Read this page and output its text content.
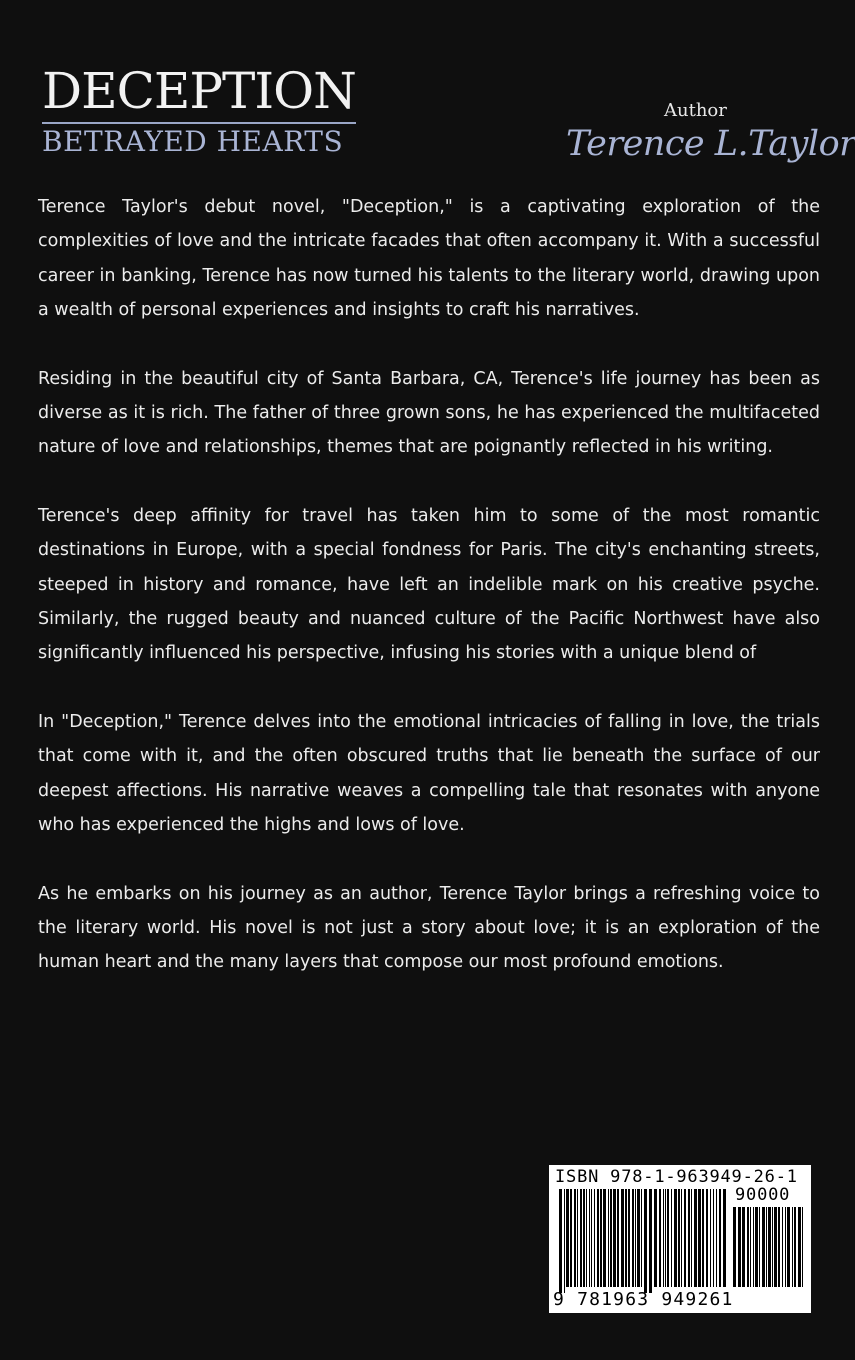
DECEPTION
BETRAYED HEARTS
Author
Terence L.Taylor

Terence Taylor's debut novel, "Deception," is a captivating exploration of the complexities of love and the intricate facades that often accompany it. With a successful career in banking, Terence has now turned his talents to the literary world, drawing upon a wealth of personal experiences and insights to craft his narratives.

Residing in the beautiful city of Santa Barbara, CA, Terence's life journey has been as diverse as it is rich. The father of three grown sons, he has experienced the multifaceted nature of love and relationships, themes that are poignantly reflected in his writing.

Terence's deep affinity for travel has taken him to some of the most romantic destinations in Europe, with a special fondness for Paris. The city's enchanting streets, steeped in history and romance, have left an indelible mark on his creative psyche. Similarly, the rugged beauty and nuanced culture of the Pacific Northwest have also significantly influenced his perspective, infusing his stories with a unique blend of

In "Deception," Terence delves into the emotional intricacies of falling in love, the trials that come with it, and the often obscured truths that lie beneath the surface of our deepest affections. His narrative weaves a compelling tale that resonates with anyone who has experienced the highs and lows of love.

As he embarks on his journey as an author, Terence Taylor brings a refreshing voice to the literary world. His novel is not just a story about love; it is an exploration of the human heart and the many layers that compose our most profound emotions.

ISBN 978-1-963949-26-1
90000
9 781963 949261
